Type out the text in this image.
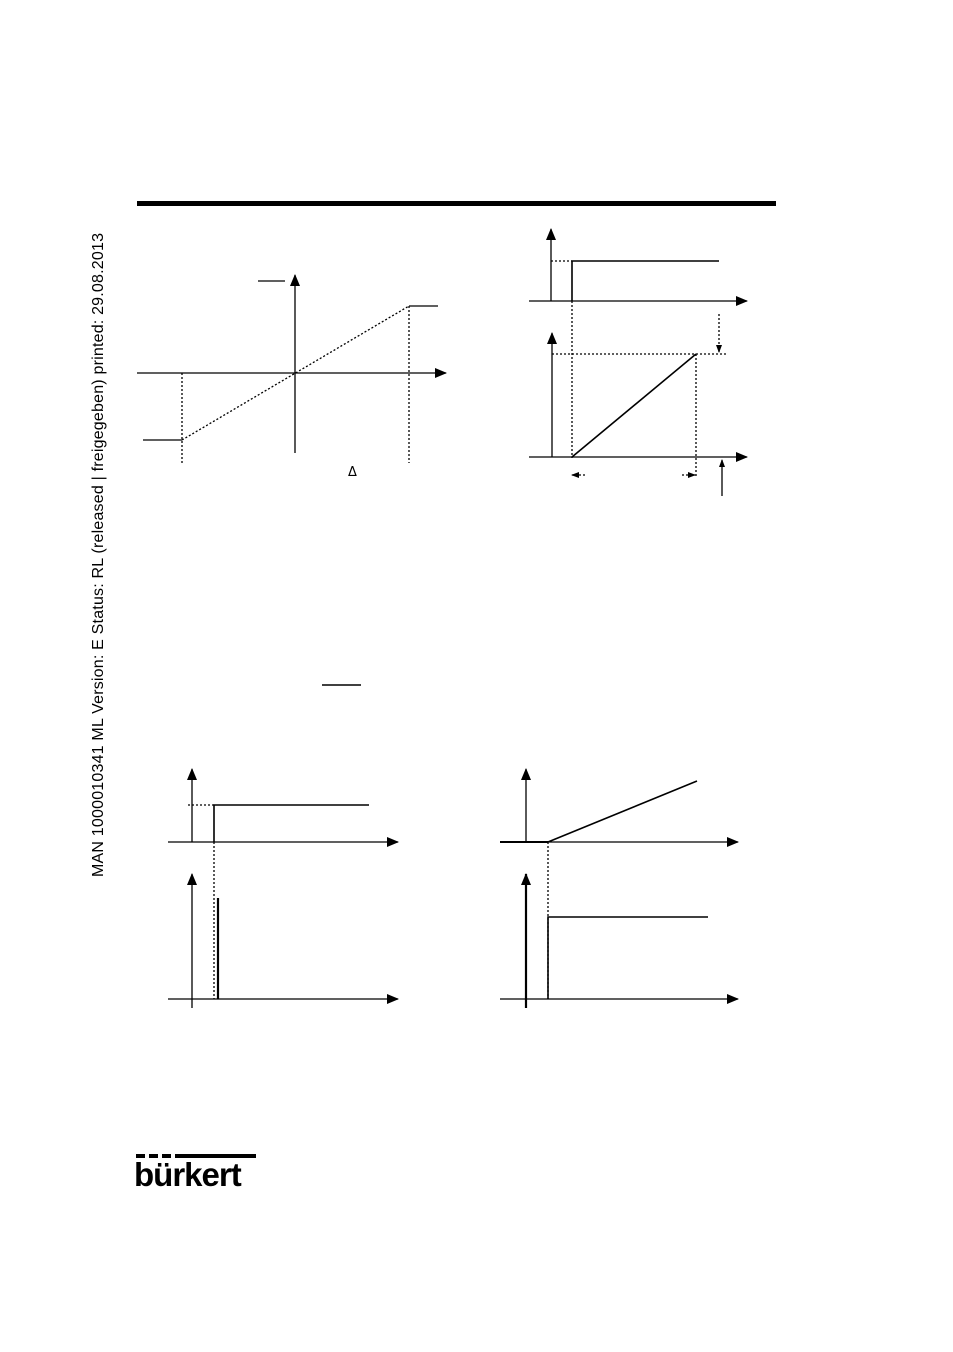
MAN 1000010341 ML Version: E Status: RL (released | freigegeben) printed: 29.08.2013	Δ
bürkert
